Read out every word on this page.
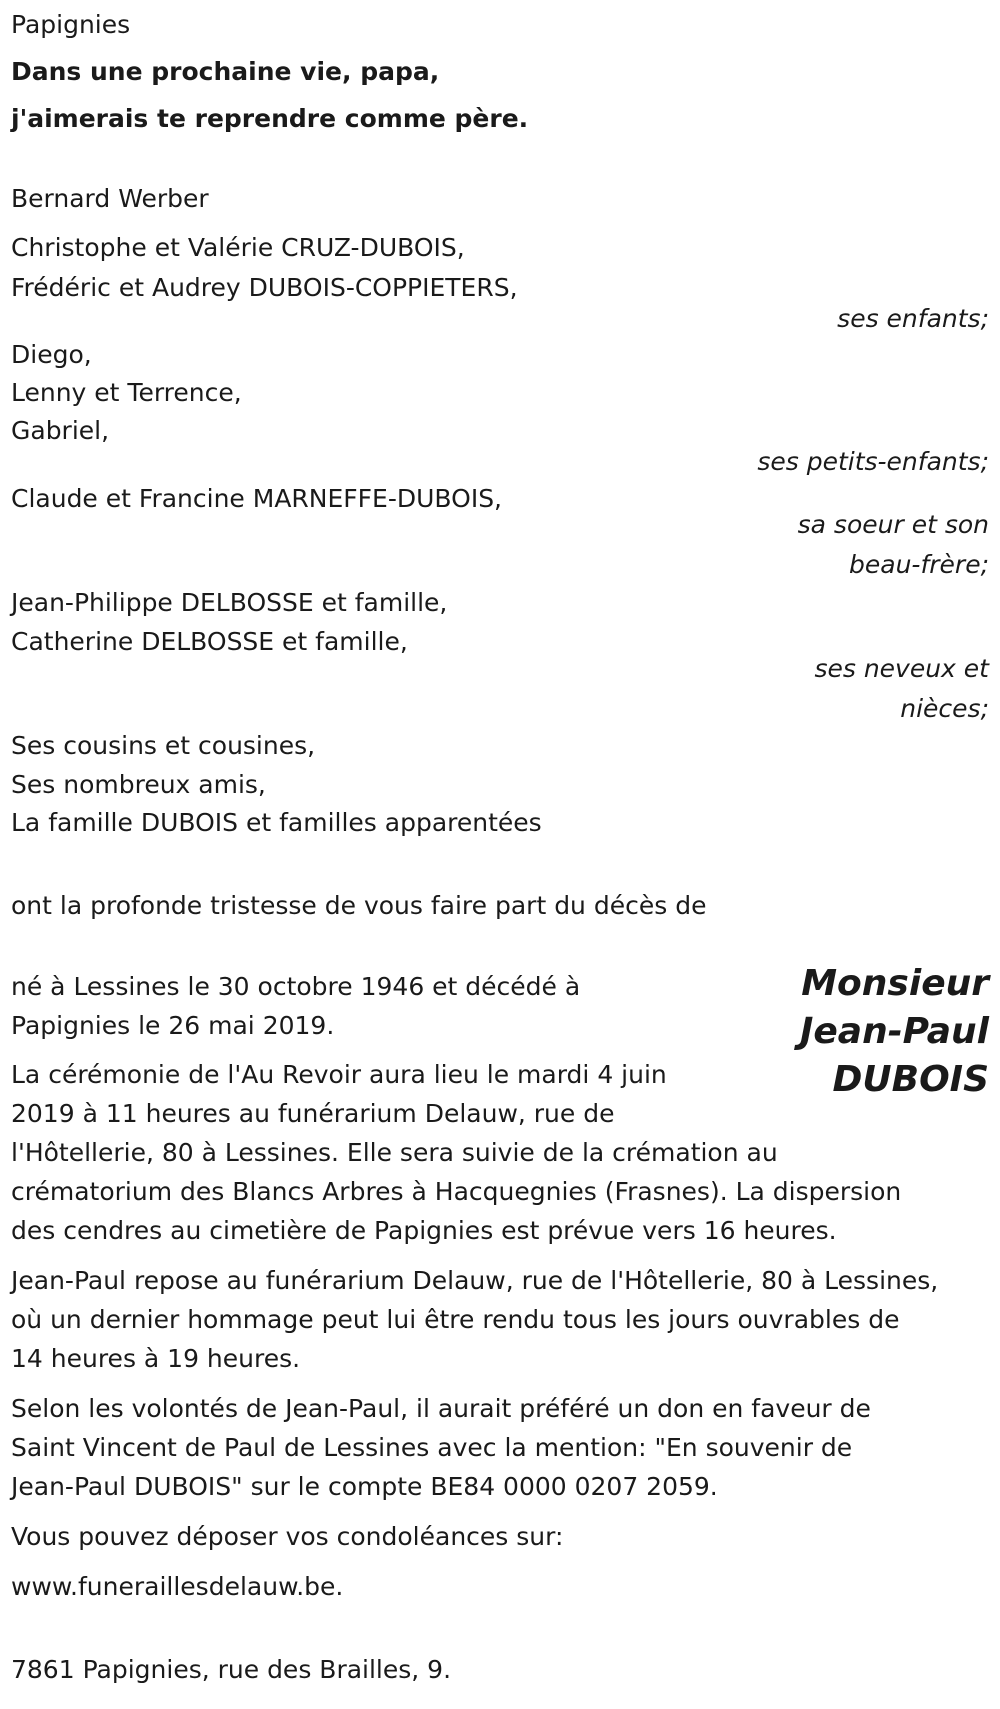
Papignies
Dans une prochaine vie, papa,
j'aimerais te reprendre comme père.
Bernard Werber
Christophe et Valérie CRUZ-DUBOIS,
Frédéric et Audrey DUBOIS-COPPIETERS,
ses enfants;
Diego,
Lenny et Terrence,
Gabriel,
ses petits-enfants;
Claude et Francine MARNEFFE-DUBOIS,
sa soeur et son
beau-frère;
Jean-Philippe DELBOSSE et famille,
Catherine DELBOSSE et famille,
ses neveux et
nièces;
Ses cousins et cousines,
Ses nombreux amis,
La famille DUBOIS et familles apparentées
ont la profonde tristesse de vous faire part du décès de
Monsieur
Jean-Paul
DUBOIS
né à Lessines le 30 octobre 1946 et décédé à
Papignies le 26 mai 2019.
La cérémonie de l'Au Revoir aura lieu le mardi 4 juin
2019 à 11 heures au funérarium Delauw, rue de
l'Hôtellerie, 80 à Lessines. Elle sera suivie de la crémation au
crématorium des Blancs Arbres à Hacquegnies (Frasnes). La dispersion
des cendres au cimetière de Papignies est prévue vers 16 heures.
Jean-Paul repose au funérarium Delauw, rue de l'Hôtellerie, 80 à Lessines,
où un dernier hommage peut lui être rendu tous les jours ouvrables de
14 heures à 19 heures.
Selon les volontés de Jean-Paul, il aurait préféré un don en faveur de
Saint Vincent de Paul de Lessines avec la mention: "En souvenir de
Jean-Paul DUBOIS" sur le compte BE84 0000 0207 2059.
Vous pouvez déposer vos condoléances sur:
www.funeraillesdelauw.be.
7861 Papignies, rue des Brailles, 9.
